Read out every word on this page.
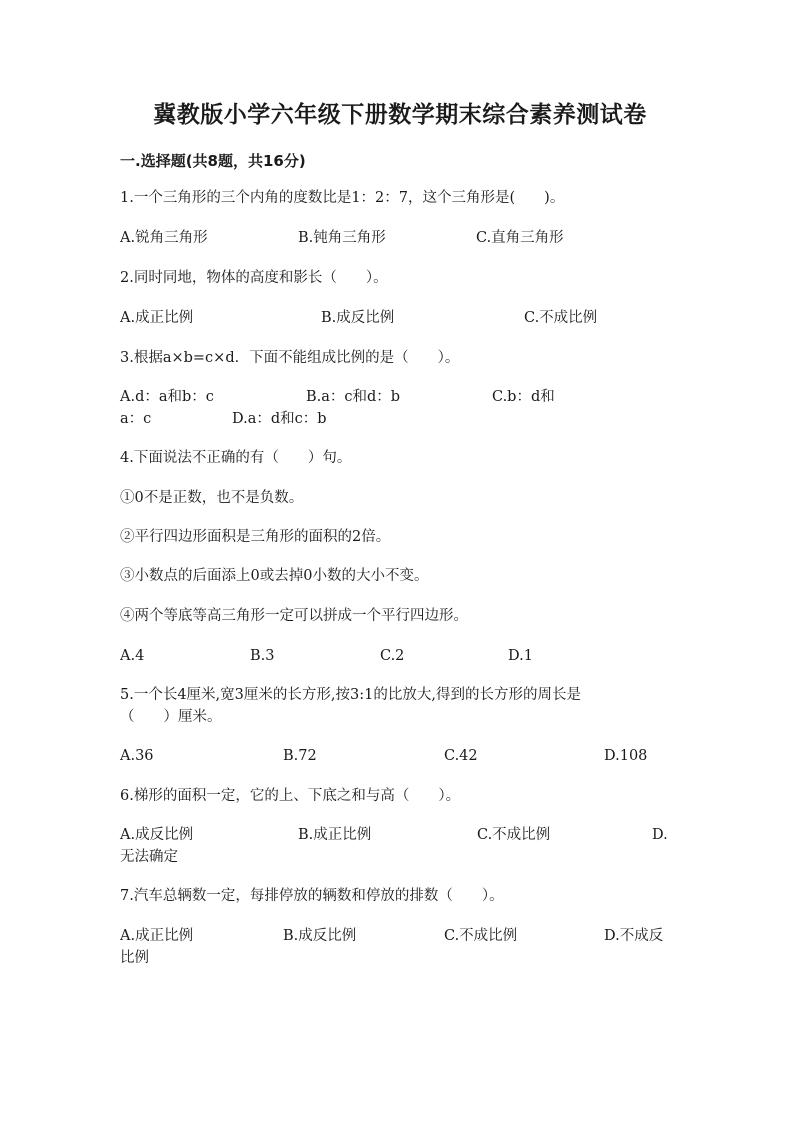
冀教版小学六年级下册数学期末综合素养测试卷
一.选择题(共8题，共16分)
1.一个三角形的三个内角的度数比是1：2：7，这个三角形是(　　)。
A.锐角三角形	B.钝角三角形	C.直角三角形
2.同时同地，物体的高度和影长（　　）。
A.成正比例	B.成反比例	C.不成比例
3.根据a×b=c×d．下面不能组成比例的是（　　）。
A.d：a和b：c	B.a：c和d：b	C.b：d和
a：c	D.a：d和c：b
4.下面说法不正确的有（　　）句。
①0不是正数，也不是负数。
②平行四边形面积是三角形的面积的2倍。
③小数点的后面添上0或去掉0小数的大小不变。
④两个等底等高三角形一定可以拼成一个平行四边形。
A.4	B.3	C.2	D.1
5.一个长4厘米,宽3厘米的长方形,按3:1的比放大,得到的长方形的周长是
（　　）厘米。
A.36	B.72	C.42	D.108
6.梯形的面积一定，它的上、下底之和与高（　　）。
A.成反比例	B.成正比例	C.不成比例	D.
无法确定
7.汽车总辆数一定，每排停放的辆数和停放的排数（　　）。
A.成正比例	B.成反比例	C.不成比例	D.不成反
比例
